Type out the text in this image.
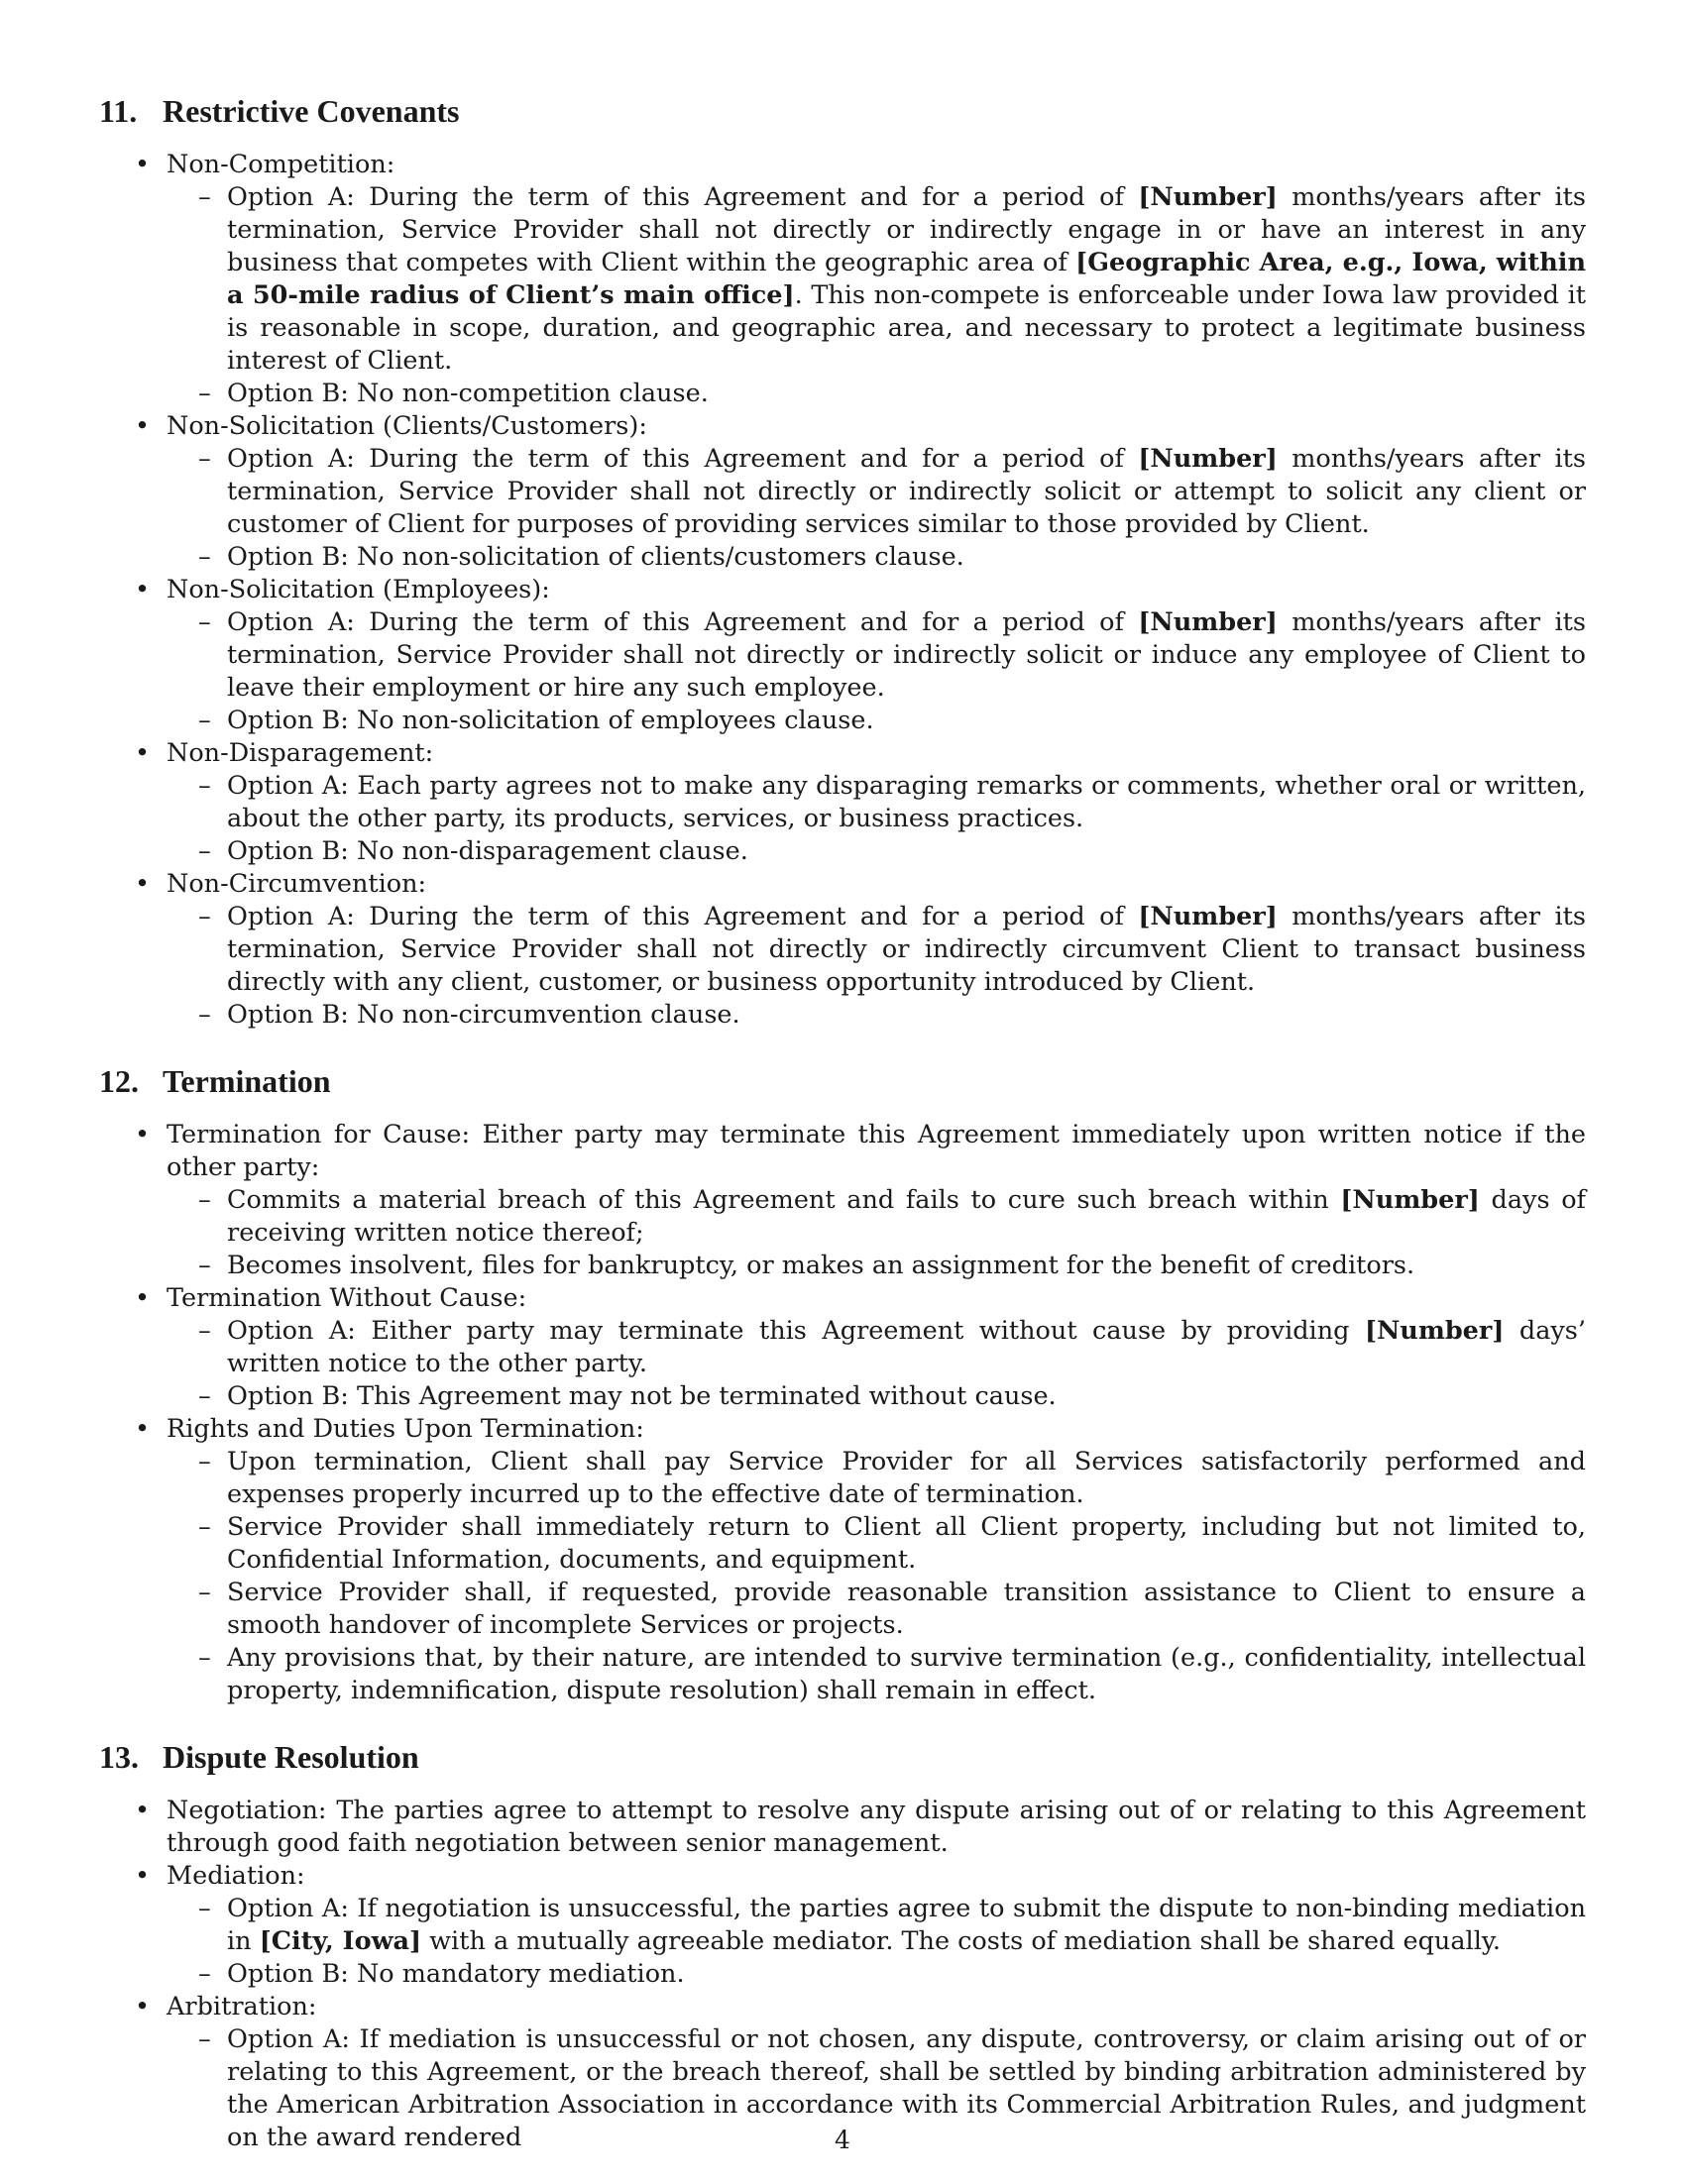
11. Restrictive Covenants
• Non-Competition:
– Option A: During the term of this Agreement and for a period of [Number] months/years after its termination, Service Provider shall not directly or indirectly engage in or have an interest in any business that competes with Client within the geographic area of [Geographic Area, e.g., Iowa, within a 50-mile radius of Client’s main office]. This non-compete is enforceable under Iowa law provided it is reasonable in scope, duration, and geographic area, and necessary to protect a legitimate business interest of Client.
– Option B: No non-competition clause.
• Non-Solicitation (Clients/Customers):
– Option A: During the term of this Agreement and for a period of [Number] months/years after its termination, Service Provider shall not directly or indirectly solicit or attempt to solicit any client or customer of Client for purposes of providing services similar to those provided by Client.
– Option B: No non-solicitation of clients/customers clause.
• Non-Solicitation (Employees):
– Option A: During the term of this Agreement and for a period of [Number] months/years after its termination, Service Provider shall not directly or indirectly solicit or induce any employee of Client to leave their employment or hire any such employee.
– Option B: No non-solicitation of employees clause.
• Non-Disparagement:
– Option A: Each party agrees not to make any disparaging remarks or comments, whether oral or written, about the other party, its products, services, or business practices.
– Option B: No non-disparagement clause.
• Non-Circumvention:
– Option A: During the term of this Agreement and for a period of [Number] months/years after its termination, Service Provider shall not directly or indirectly circumvent Client to transact business directly with any client, customer, or business opportunity introduced by Client.
– Option B: No non-circumvention clause.
12. Termination
• Termination for Cause: Either party may terminate this Agreement immediately upon written notice if the other party:
– Commits a material breach of this Agreement and fails to cure such breach within [Number] days of receiving written notice thereof;
– Becomes insolvent, files for bankruptcy, or makes an assignment for the benefit of creditors.
• Termination Without Cause:
– Option A: Either party may terminate this Agreement without cause by providing [Number] days’ written notice to the other party.
– Option B: This Agreement may not be terminated without cause.
• Rights and Duties Upon Termination:
– Upon termination, Client shall pay Service Provider for all Services satisfactorily performed and expenses properly incurred up to the effective date of termination.
– Service Provider shall immediately return to Client all Client property, including but not limited to, Confidential Information, documents, and equipment.
– Service Provider shall, if requested, provide reasonable transition assistance to Client to ensure a smooth handover of incomplete Services or projects.
– Any provisions that, by their nature, are intended to survive termination (e.g., confidentiality, intellectual property, indemnification, dispute resolution) shall remain in effect.
13. Dispute Resolution
• Negotiation: The parties agree to attempt to resolve any dispute arising out of or relating to this Agreement through good faith negotiation between senior management.
• Mediation:
– Option A: If negotiation is unsuccessful, the parties agree to submit the dispute to non-binding mediation in [City, Iowa] with a mutually agreeable mediator. The costs of mediation shall be shared equally.
– Option B: No mandatory mediation.
• Arbitration:
– Option A: If mediation is unsuccessful or not chosen, any dispute, controversy, or claim arising out of or relating to this Agreement, or the breach thereof, shall be settled by binding arbitration administered by the American Arbitration Association in accordance with its Commercial Arbitration Rules, and judgment on the award rendered	4
